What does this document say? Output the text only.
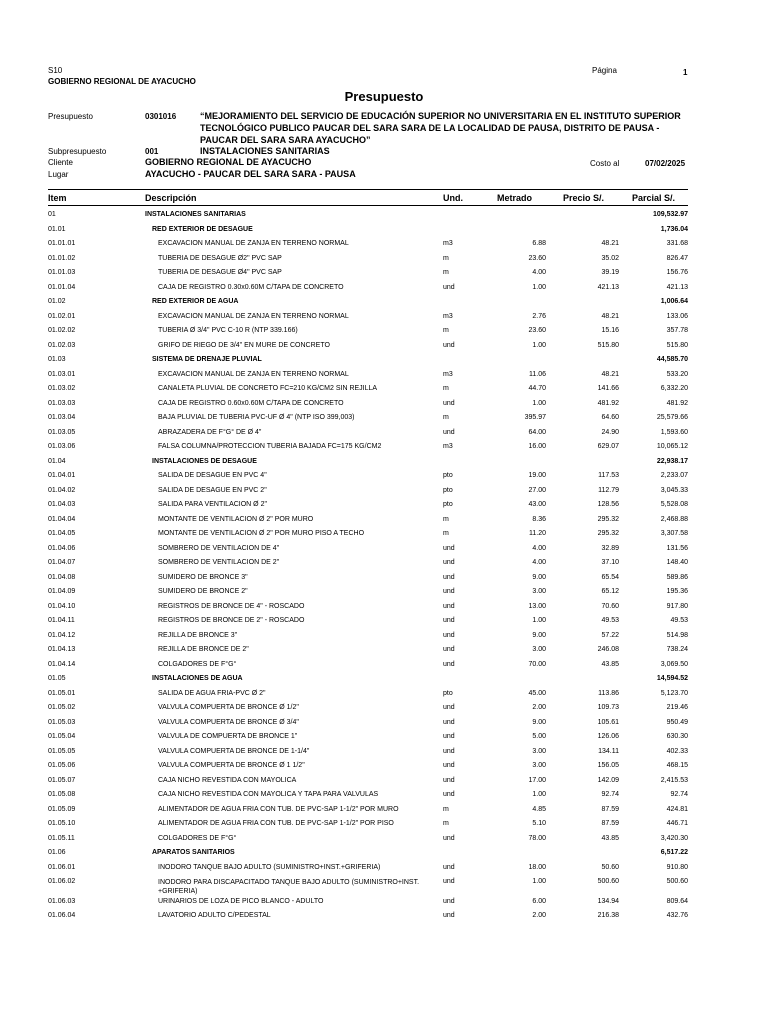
S10
GOBIERNO REGIONAL DE AYACUCHO
Página	1
Presupuesto
Presupuesto	0301016	“MEJORAMIENTO DEL SERVICIO DE EDUCACIÓN SUPERIOR NO UNIVERSITARIA EN EL INSTITUTO SUPERIOR TECNOLÓGICO PUBLICO PAUCAR DEL SARA SARA DE LA LOCALIDAD DE PAUSA, DISTRITO DE PAUSA - PAUCAR DEL SARA SARA AYACUCHO”
Subpresupuesto	001	INSTALACIONES SANITARIAS
Cliente	GOBIERNO REGIONAL DE AYACUCHO	Costo al	07/02/2025
Lugar	AYACUCHO - PAUCAR DEL SARA SARA - PAUSA
Item	Descripción	Und.	Metrado	Precio S/.	Parcial S/.
01	INSTALACIONES SANITARIAS	109,532.97
01.01	RED EXTERIOR DE DESAGUE	1,736.04
01.01.01	EXCAVACION MANUAL DE ZANJA EN TERRENO NORMAL	m3	6.88	48.21	331.68
01.01.02	TUBERIA DE DESAGUE Ø2" PVC SAP	m	23.60	35.02	826.47
01.01.03	TUBERIA DE DESAGUE Ø4" PVC SAP	m	4.00	39.19	156.76
01.01.04	CAJA DE REGISTRO 0.30x0.60M C/TAPA DE CONCRETO	und	1.00	421.13	421.13
01.02	RED EXTERIOR DE AGUA	1,006.64
01.02.01	EXCAVACION MANUAL DE ZANJA EN TERRENO NORMAL	m3	2.76	48.21	133.06
01.02.02	TUBERIA Ø 3/4" PVC C-10 R (NTP 339.166)	m	23.60	15.16	357.78
01.02.03	GRIFO DE RIEGO DE 3/4" EN MURE DE CONCRETO	und	1.00	515.80	515.80
01.03	SISTEMA DE DRENAJE PLUVIAL	44,585.70
01.03.01	EXCAVACION MANUAL DE ZANJA EN TERRENO NORMAL	m3	11.06	48.21	533.20
01.03.02	CANALETA PLUVIAL DE CONCRETO FC=210 KG/CM2 SIN REJILLA	m	44.70	141.66	6,332.20
01.03.03	CAJA DE REGISTRO 0.60x0.60M C/TAPA DE CONCRETO	und	1.00	481.92	481.92
01.03.04	BAJA PLUVIAL DE TUBERIA PVC-UF Ø 4" (NTP ISO 399,003)	m	395.97	64.60	25,579.66
01.03.05	ABRAZADERA DE F°G° DE Ø 4"	und	64.00	24.90	1,593.60
01.03.06	FALSA COLUMNA/PROTECCION TUBERIA BAJADA FC=175 KG/CM2	m3	16.00	629.07	10,065.12
01.04	INSTALACIONES DE DESAGUE	22,938.17
01.04.01	SALIDA DE DESAGUE EN PVC 4"	pto	19.00	117.53	2,233.07
01.04.02	SALIDA DE DESAGUE EN PVC 2"	pto	27.00	112.79	3,045.33
01.04.03	SALIDA PARA VENTILACION Ø 2"	pto	43.00	128.56	5,528.08
01.04.04	MONTANTE DE VENTILACION Ø 2" POR MURO	m	8.36	295.32	2,468.88
01.04.05	MONTANTE DE VENTILACION Ø 2" POR MURO PISO A TECHO	m	11.20	295.32	3,307.58
01.04.06	SOMBRERO DE VENTILACION DE 4"	und	4.00	32.89	131.56
01.04.07	SOMBRERO DE VENTILACION DE 2"	und	4.00	37.10	148.40
01.04.08	SUMIDERO DE BRONCE 3"	und	9.00	65.54	589.86
01.04.09	SUMIDERO DE BRONCE 2"	und	3.00	65.12	195.36
01.04.10	REGISTROS DE BRONCE DE 4" - ROSCADO	und	13.00	70.60	917.80
01.04.11	REGISTROS DE BRONCE DE 2" - ROSCADO	und	1.00	49.53	49.53
01.04.12	REJILLA DE BRONCE 3"	und	9.00	57.22	514.98
01.04.13	REJILLA DE BRONCE DE 2"	und	3.00	246.08	738.24
01.04.14	COLGADORES DE F°G°	und	70.00	43.85	3,069.50
01.05	INSTALACIONES DE AGUA	14,594.52
01.05.01	SALIDA DE AGUA FRIA-PVC Ø 2"	pto	45.00	113.86	5,123.70
01.05.02	VALVULA COMPUERTA DE BRONCE Ø 1/2"	und	2.00	109.73	219.46
01.05.03	VALVULA COMPUERTA DE BRONCE Ø 3/4"	und	9.00	105.61	950.49
01.05.04	VALVULA DE COMPUERTA DE BRONCE 1"	und	5.00	126.06	630.30
01.05.05	VALVULA COMPUERTA DE BRONCE DE 1-1/4"	und	3.00	134.11	402.33
01.05.06	VALVULA COMPUERTA DE BRONCE Ø 1 1/2"	und	3.00	156.05	468.15
01.05.07	CAJA NICHO REVESTIDA CON MAYOLICA	und	17.00	142.09	2,415.53
01.05.08	CAJA NICHO REVESTIDA CON MAYOLICA Y TAPA PARA VALVULAS	und	1.00	92.74	92.74
01.05.09	ALIMENTADOR DE AGUA FRIA CON TUB. DE PVC-SAP 1-1/2" POR MURO	m	4.85	87.59	424.81
01.05.10	ALIMENTADOR DE AGUA FRIA CON TUB. DE PVC-SAP 1-1/2" POR PISO	m	5.10	87.59	446.71
01.05.11	COLGADORES DE F°G°	und	78.00	43.85	3,420.30
01.06	APARATOS SANITARIOS	6,517.22
01.06.01	INODORO TANQUE BAJO ADULTO (SUMINISTRO+INST.+GRIFERIA)	und	18.00	50.60	910.80
01.06.02	INODORO PARA DISCAPACITADO TANQUE BAJO ADULTO (SUMINISTRO+INST. +GRIFERIA)
und	1.00	500.60	500.60
01.06.03	URINARIOS DE LOZA DE PICO BLANCO - ADULTO	und	6.00	134.94	809.64
01.06.04	LAVATORIO ADULTO C/PEDESTAL	und	2.00	216.38	432.76
